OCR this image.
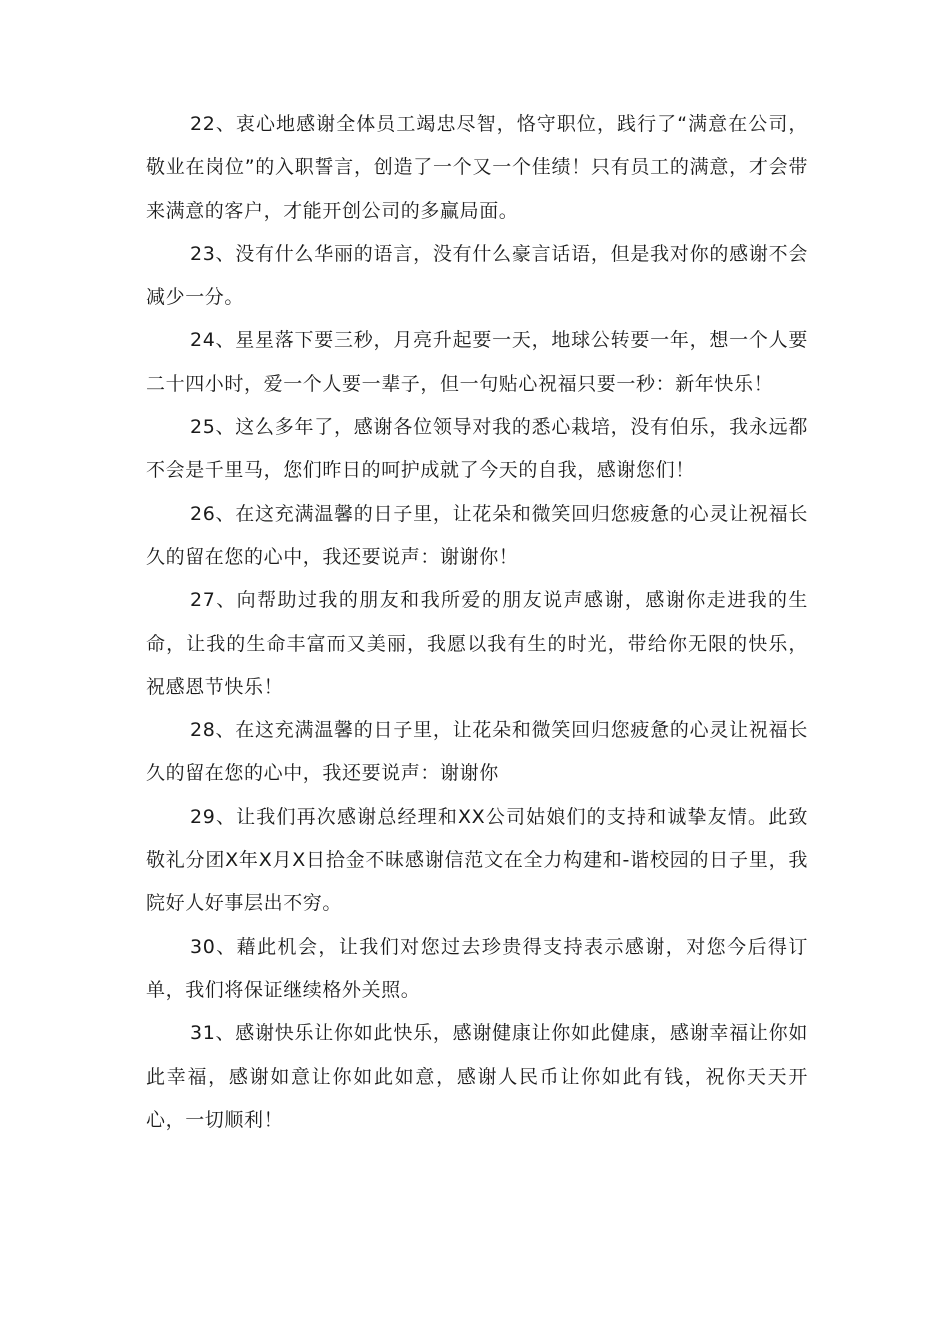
22、衷心地感谢全体员工竭忠尽智，恪守职位，践行了“满意在公司，敬业在岗位”的入职誓言，创造了一个又一个佳绩！只有员工的满意，才会带来满意的客户，才能开创公司的多赢局面。

23、没有什么华丽的语言，没有什么豪言话语，但是我对你的感谢不会减少一分。

24、星星落下要三秒，月亮升起要一天，地球公转要一年，想一个人要二十四小时，爱一个人要一辈子，但一句贴心祝福只要一秒：新年快乐！

25、这么多年了，感谢各位领导对我的悉心栽培，没有伯乐，我永远都不会是千里马，您们昨日的呵护成就了今天的自我，感谢您们！

26、在这充满温馨的日子里，让花朵和微笑回归您疲惫的心灵让祝福长久的留在您的心中，我还要说声：谢谢你！

27、向帮助过我的朋友和我所爱的朋友说声感谢，感谢你走进我的生命，让我的生命丰富而又美丽，我愿以我有生的时光，带给你无限的快乐，祝感恩节快乐！

28、在这充满温馨的日子里，让花朵和微笑回归您疲惫的心灵让祝福长久的留在您的心中，我还要说声：谢谢你

29、让我们再次感谢总经理和XX公司姑娘们的支持和诚挚友情。此致敬礼分团X年X月X日拾金不昧感谢信范文在全力构建和-谐校园的日子里，我院好人好事层出不穷。

30、藉此机会，让我们对您过去珍贵得支持表示感谢，对您今后得订单，我们将保证继续格外关照。

31、感谢快乐让你如此快乐，感谢健康让你如此健康，感谢幸福让你如此幸福，感谢如意让你如此如意，感谢人民币让你如此有钱，祝你天天开心，一切顺利！
